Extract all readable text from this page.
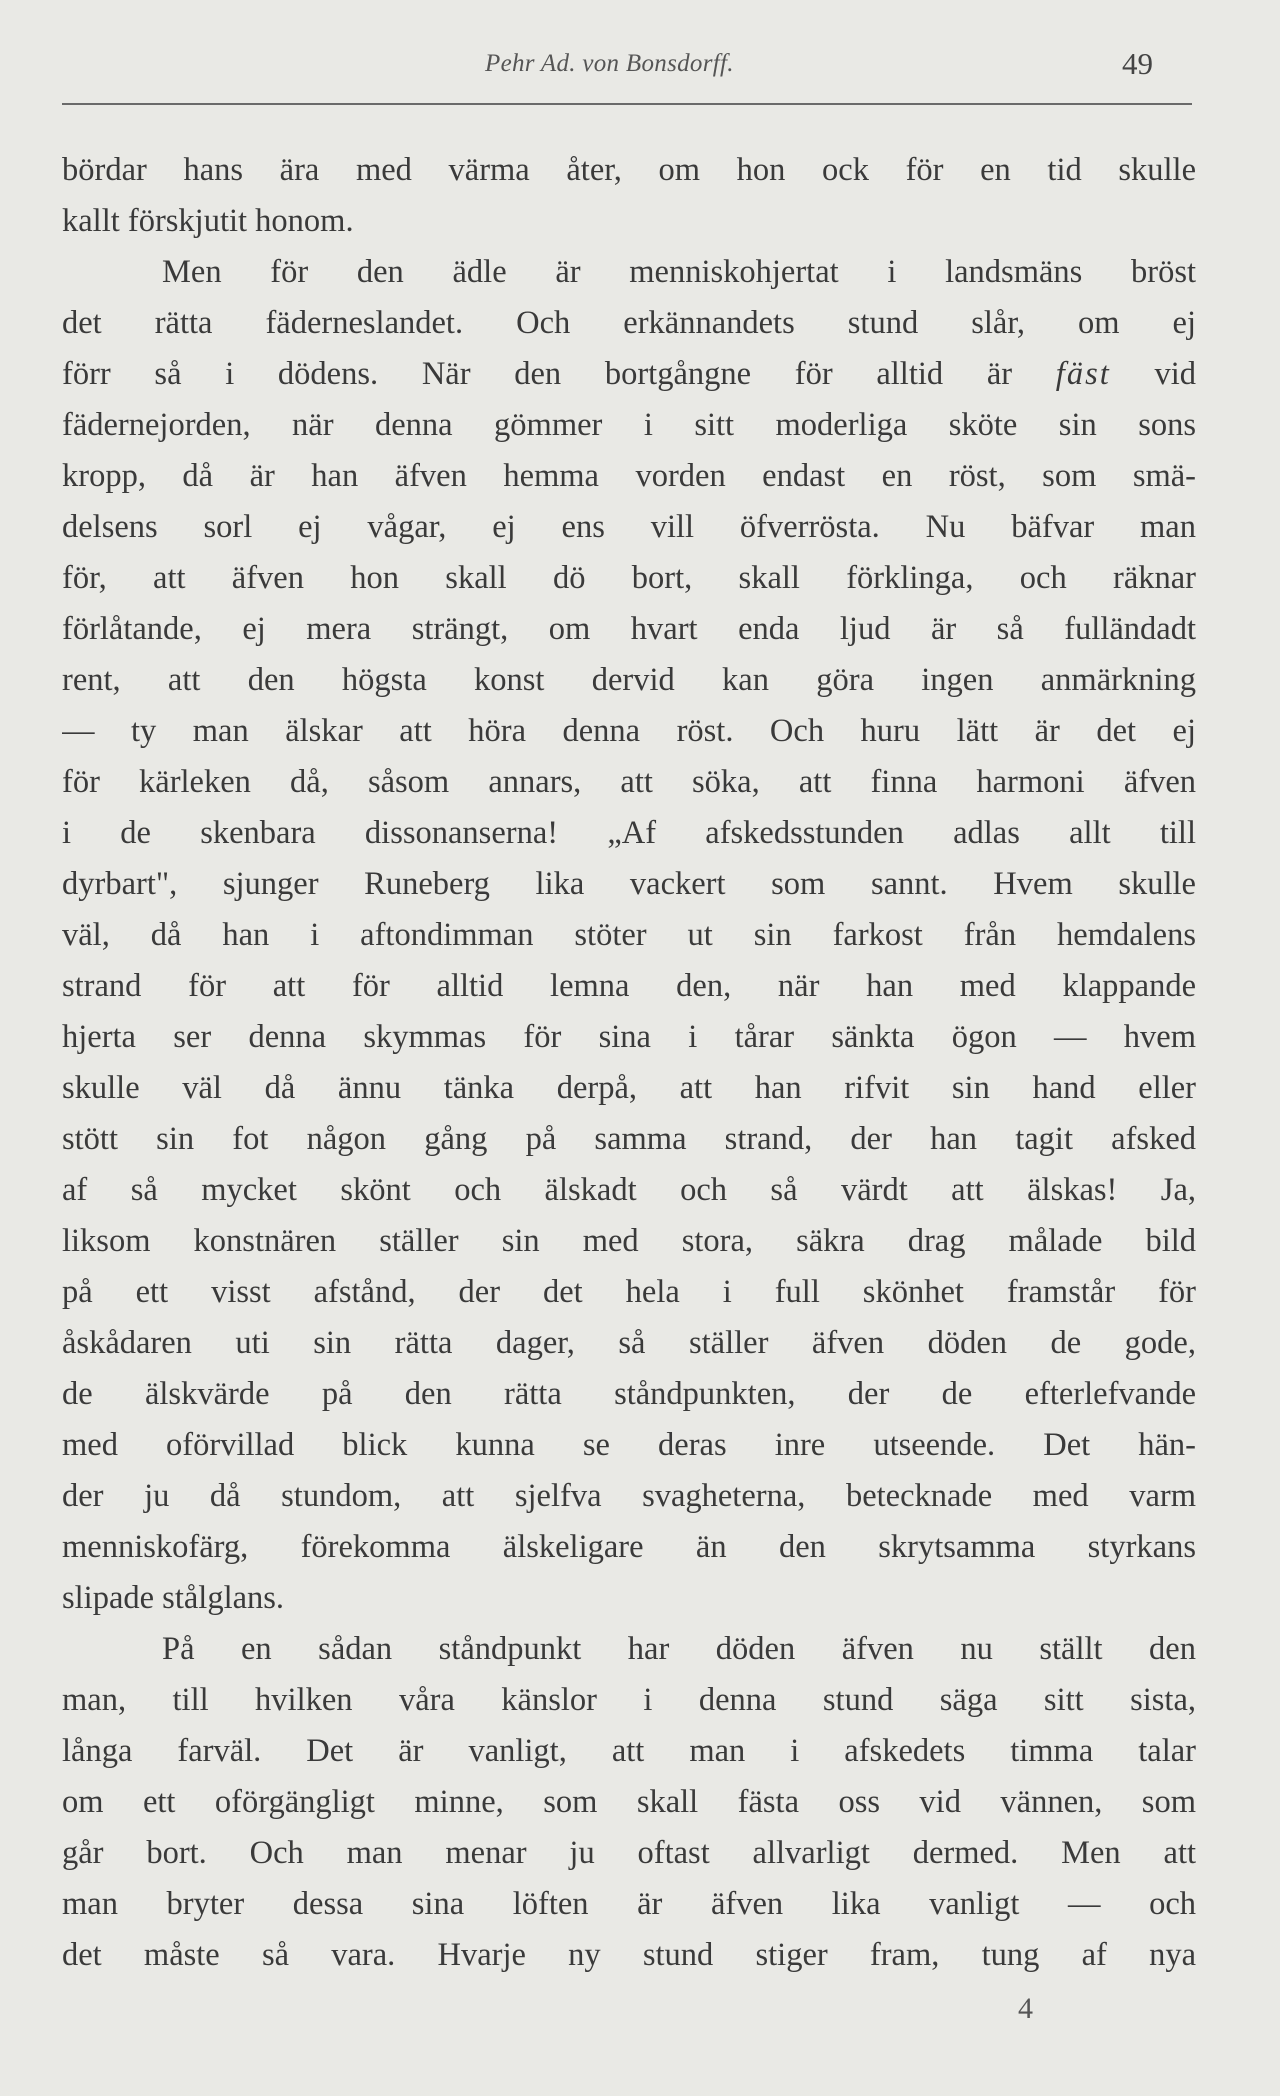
Pehr Ad. von Bonsdorff.	49
bördar hans ära med värma åter, om hon ock för en tid skulle
kallt förskjutit honom.
Men för den ädle är menniskohjertat i landsmäns bröst
det rätta fäderneslandet. Och erkännandets stund slår, om ej
förr så i dödens. När den bortgångne för alltid är fäst vid
fädernejorden, när denna gömmer i sitt moderliga sköte sin sons
kropp, då är han äfven hemma vorden endast en röst, som smä-
delsens sorl ej vågar, ej ens vill öfverrösta. Nu bäfvar man
för, att äfven hon skall dö bort, skall förklinga, och räknar
förlåtande, ej mera strängt, om hvart enda ljud är så fulländadt
rent, att den högsta konst dervid kan göra ingen anmärkning
— ty man älskar att höra denna röst. Och huru lätt är det ej
för kärleken då, såsom annars, att söka, att finna harmoni äfven
i de skenbara dissonanserna! „Af afskedsstunden adlas allt till
dyrbart", sjunger Runeberg lika vackert som sannt. Hvem skulle
väl, då han i aftondimman stöter ut sin farkost från hemdalens
strand för att för alltid lemna den, när han med klappande
hjerta ser denna skymmas för sina i tårar sänkta ögon — hvem
skulle väl då ännu tänka derpå, att han rifvit sin hand eller
stött sin fot någon gång på samma strand, der han tagit afsked
af så mycket skönt och älskadt och så värdt att älskas! Ja,
liksom konstnären ställer sin med stora, säkra drag målade bild
på ett visst afstånd, der det hela i full skönhet framstår för
åskådaren uti sin rätta dager, så ställer äfven döden de gode,
de älskvärde på den rätta ståndpunkten, der de efterlefvande
med oförvillad blick kunna se deras inre utseende. Det hän-
der ju då stundom, att sjelfva svagheterna, betecknade med varm
menniskofärg, förekomma älskeligare än den skrytsamma styrkans
slipade stålglans.
På en sådan ståndpunkt har döden äfven nu ställt den
man, till hvilken våra känslor i denna stund säga sitt sista,
långa farväl. Det är vanligt, att man i afskedets timma talar
om ett oförgängligt minne, som skall fästa oss vid vännen, som
går bort. Och man menar ju oftast allvarligt dermed. Men att
man bryter dessa sina löften är äfven lika vanligt — och
det måste så vara. Hvarje ny stund stiger fram, tung af nya
4
